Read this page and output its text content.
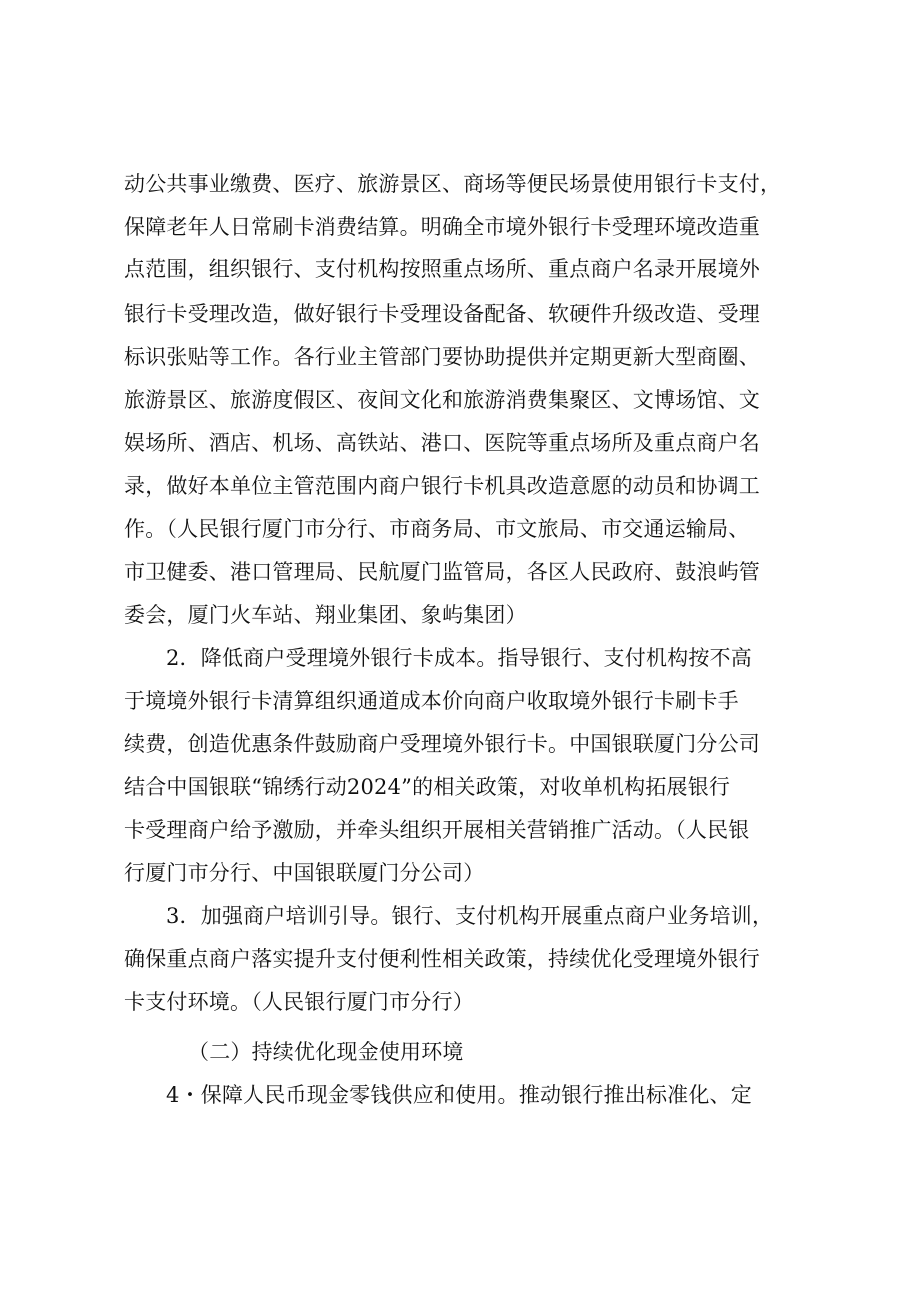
动公共事业缴费、医疗、旅游景区、商场等便民场景使用银行卡支付，
保障老年人日常刷卡消费结算。明确全市境外银行卡受理环境改造重
点范围，组织银行、支付机构按照重点场所、重点商户名录开展境外
银行卡受理改造，做好银行卡受理设备配备、软硬件升级改造、受理
标识张贴等工作。各行业主管部门要协助提供并定期更新大型商圈、
旅游景区、旅游度假区、夜间文化和旅游消费集聚区、文博场馆、文
娱场所、酒店、机场、高铁站、港口、医院等重点场所及重点商户名
录，做好本单位主管范围内商户银行卡机具改造意愿的动员和协调工
作。（人民银行厦门市分行、市商务局、市文旅局、市交通运输局、
市卫健委、港口管理局、民航厦门监管局，各区人民政府、鼓浪屿管
委会，厦门火车站、翔业集团、象屿集团）
2．降低商户受理境外银行卡成本。指导银行、支付机构按不高
于境境外银行卡清算组织通道成本价向商户收取境外银行卡刷卡手
续费，创造优惠条件鼓励商户受理境外银行卡。中国银联厦门分公司
结合中国银联“锦绣行动2024”的相关政策，对收单机构拓展银行
卡受理商户给予激励，并牵头组织开展相关营销推广活动。（人民银
行厦门市分行、中国银联厦门分公司）
3．加强商户培训引导。银行、支付机构开展重点商户业务培训，
确保重点商户落实提升支付便利性相关政策，持续优化受理境外银行
卡支付环境。（人民银行厦门市分行）
（二）持续优化现金使用环境
4・保障人民币现金零钱供应和使用。推动银行推出标准化、定
